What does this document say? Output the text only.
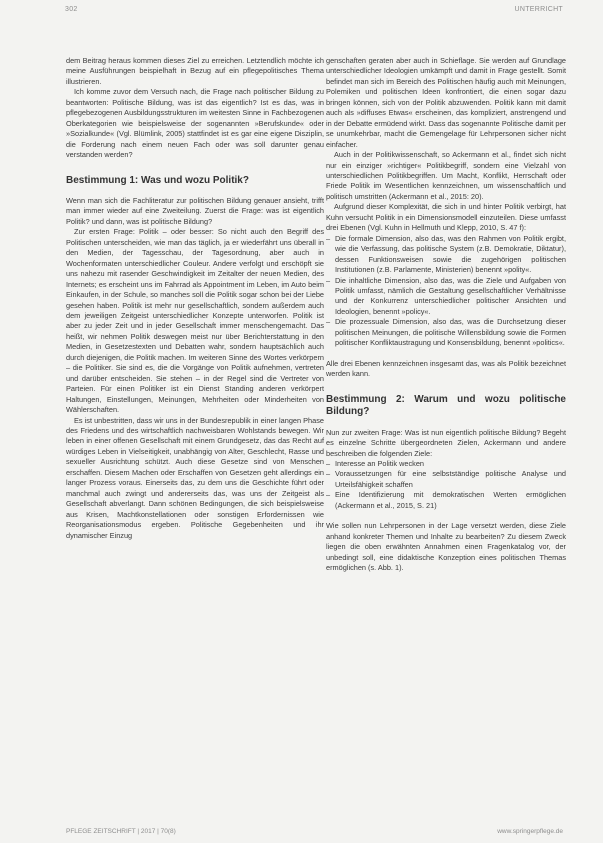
302	UNTERRICHT

dem Beitrag heraus kommen dieses Ziel zu erreichen. Letztendlich möchte ich meine Ausführungen beispielhaft in Bezug auf ein pflegepolitisches Thema illustrieren.

Ich komme zuvor dem Versuch nach, die Frage nach politischer Bildung zu beantworten: Politische Bildung, was ist das eigentlich? Ist es das, was in pflegebezogenen Ausbildungsstrukturen im weitesten Sinne in Fachbezogenen Oberkategorien wie beispielsweise der sogenannten »Berufskunde« oder »Sozialkunde« (Vgl. Blümlink, 2005) stattfindet ist es gar eine eigene Disziplin, die Forderung nach einem neuen Fach oder was soll darunter genau verstanden werden?

Bestimmung 1: Was und wozu Politik?

Wenn man sich die Fachliteratur zur politischen Bildung genauer ansieht, trifft man immer wieder auf eine Zweiteilung. Zuerst die Frage: was ist eigentlich Politik? und dann, was ist politische Bildung?

Zur ersten Frage: Politik – oder besser: So nicht auch den Begriff des Politischen unterscheiden, wie man das täglich, ja er wiederfährt uns überall in den Medien, der Tagesschau, der Tagesordnung, aber auch in Wochenformaten unterschiedlicher Couleur. Andere verfolgt und erschöpft sie uns nahezu mit rasender Geschwindigkeit im Zeitalter der neuen Medien, des Internets; es erscheint uns im Fahrrad als Appointment im Leben, im Auto beim Einkaufen, in der Schule, so manches soll die Politik sogar schon bei der Liebe gesehen haben. Politik ist mehr nur gesellschaftlich, sondern außerdem auch dem jeweiligen Zeitgeist unterschiedlicher Konzepte unterworfen. Politik ist aber zu jeder Zeit und in jeder Gesellschaft immer menschengemacht. Das heißt, wir nehmen Politik deswegen meist nur über Berichterstattung in den Medien, in Gesetzestexten und Debatten wahr, sondern hauptsächlich auch durch diejenigen, die Politik machen. Im weiteren Sinne des Wortes verkörpern – die Politiker. Sie sind es, die die Vorgänge von Politik aufnehmen, vertreten und darüber entscheiden. Sie stehen – in der Regel sind die Vertreter von Parteien. Für einen Politiker ist ein Dienst Standing anderen verkörpert Haltungen, Einstellungen, Meinungen, Mehrheiten oder Minderheiten von Wählerschaften.

Es ist unbestritten, dass wir uns in der Bundesrepublik in einer langen Phase des Friedens und des wirtschaftlich nachweisbaren Wohlstands bewegen. Wir leben in einer offenen Gesellschaft mit einem Grundgesetz, das das Recht auf würdiges Leben in Vielseitigkeit, unabhängig von Alter, Geschlecht, Rasse und sexueller Ausrichtung schützt. Auch diese Gesetze sind von Menschen erschaffen. Diesem Machen oder Erschaffen von Gesetzen geht allerdings ein langer Prozess voraus. Einerseits das, zu dem uns die Geschichte führt oder manchmal auch zwingt und andererseits das, was uns der Zeitgeist als Gesellschaft abverlangt. Dann schönen Bedingungen, die sich beispielsweise aus Krisen, Machtkonstellationen oder sonstigen Erfordernissen wie Reorganisationsmodus ergeben. Politische Gegebenheiten und ihr dynamischer Einzug

genschaften geraten aber auch in Schieflage. Sie werden auf Grundlage unterschiedlicher Ideologien umkämpft und damit in Frage gestellt. Somit befindet man sich im Bereich des Politischen häufig auch mit Meinungen, Polemiken und politischen Ideen konfrontiert, die einen sogar dazu bringen können, sich von der Politik abzuwenden. Politik kann mit damit auch als »diffuses Etwas« erscheinen, das kompliziert, anstrengend und in der Debatte ermüdend wirkt. Dass das sogenannte Politische damit per se unumkehrbar, macht die Gemengelage für Lehrpersonen sicher nicht einfacher.

Auch in der Politikwissenschaft, so Ackermann et al., findet sich nicht nur ein einziger »richtiger« Politikbegriff, sondern eine Vielzahl von unterschiedlichen Politikbegriffen. Um Macht, Konflikt, Herrschaft oder Friede Politik im Wesentlichen kennzeichnen, um wissenschaftlich und politisch umstritten (Ackermann et al., 2015: 20).

Aufgrund dieser Komplexität, die sich in und hinter Politik verbirgt, hat Kuhn versucht Politik in ein Dimensionsmodell einzuteilen. Diese umfasst drei Ebenen (Vgl. Kuhn in Hellmuth und Klepp, 2010, S. 47 f):

– Die formale Dimension, also das, was den Rahmen von Politik ergibt, wie die Verfassung, das politische System (z.B. Demokratie, Diktatur), dessen Funktionsweisen sowie die zugehörigen politischen Institutionen (z.B. Parlamente, Ministerien) benennt »polity«.
– Die inhaltliche Dimension, also das, was die Ziele und Aufgaben von Politik umfasst, nämlich die Gestaltung gesellschaftlicher Verhältnisse und der Konkurrenz unterschiedlicher politischer Ansichten und Ideologien, benennt »policy«.
– Die prozessuale Dimension, also das, was die Durchsetzung dieser politischen Meinungen, die politische Willensbildung sowie die Formen politischer Konfliktaustragung und Konsensbildung, benennt »politics«.

Alle drei Ebenen kennzeichnen insgesamt das, was als Politik bezeichnet werden kann.

Bestimmung 2: Warum und wozu politische Bildung?

Nun zur zweiten Frage: Was ist nun eigentlich politische Bildung? Begeht es einzelne Schritte übergeordneten Zielen, Ackermann und andere beschreiben die folgenden Ziele:

– Interesse an Politik wecken
– Voraussetzungen für eine selbstständige politische Analyse und Urteilsfähigkeit schaffen
– Eine Identifizierung mit demokratischen Werten ermöglichen (Ackermann et al., 2015, S. 21)

Wie sollen nun Lehrpersonen in der Lage versetzt werden, diese Ziele anhand konkreter Themen und Inhalte zu bearbeiten? Zu diesem Zweck liegen die oben erwähnten Annahmen einen Fragenkatalog vor, der unbedingt soll, eine didaktische Konzeption eines politischen Themas ermöglichen (s. Abb. 1).

PFLEGE ZEITSCHRIFT | 2017 | 70(8)	www.springerpflege.de
